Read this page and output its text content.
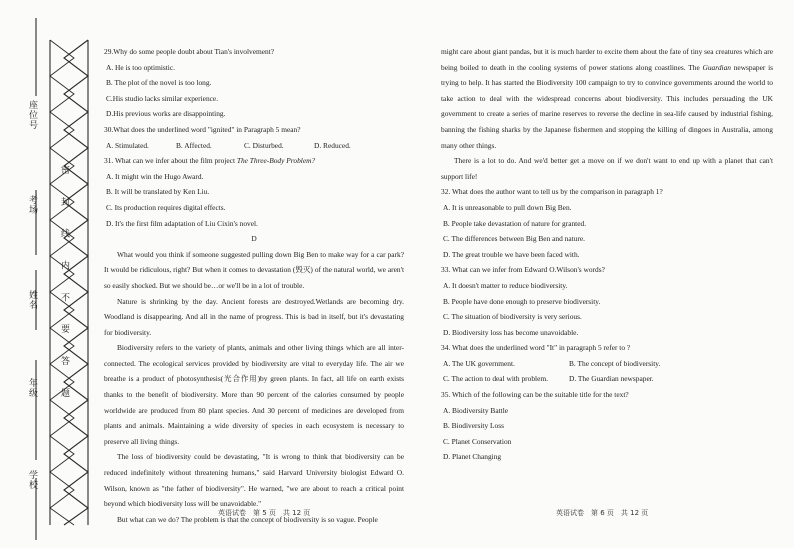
座位号
考场
姓名
年级
学校
密 封 线 内 不 要 答 题

29.Why do some people doubt about Tian's involvement?

A. He is too optimistic.

B. The plot of the novel is too long.

C.His studio lacks similar experience.

D.His previous works are disappointing.

30.What does the underlined word "ignited" in Paragraph 5 mean?

A. Stimulated.	B. Affected.	C. Disturbed.	D. Reduced.

31. What can we infer about the film project The Three-Body Problem?

A. It might win the Hugo Award.

B. It will be translated by Ken Liu.

C. Its production requires digital effects.

D. It's the first film adaptation of Liu Cixin's novel.

D

What would you think if someone suggested pulling down Big Ben to make way for a car park? It would be ridiculous, right? But when it comes to devastation (毁灭) of the natural world, we aren't so easily shocked. But we should be…or we'll be in a lot of trouble.

Nature is shrinking by the day. Ancient forests are destroyed.Wetlands are becoming dry. Woodland is disappearing. And all in the name of progress. This is bad in itself, but it's devastating for biodiversity.

Biodiversity refers to the variety of plants, animals and other living things which are all inter-connected. The ecological services provided by biodiversity are vital to everyday life. The air we breathe is a product of photosynthesis(光合作用)by green plants. In fact, all life on earth exists thanks to the benefit of biodiversity. More than 90 percent of the calories consumed by people worldwide are produced from 80 plant species. And 30 percent of medicines are developed from plants and animals. Maintaining a wide diversity of species in each ecosystem is necessary to preserve all living things.

The loss of biodiversity could be devastating, "It is wrong to think that biodiversity can be reduced indefinitely without threatening humans," said Harvard University biologist Edward O. Wilson, known as "the father of biodiversity". He warned, "we are about to reach a critical point beyond which biodiversity loss will be unavoidable."

But what can we do? The problem is that the concept of biodiversity is so vague. People

英语试卷　第 5 页　共 12 页

might care about giant pandas, but it is much harder to excite them about the fate of tiny sea creatures which are being boiled to death in the cooling systems of power stations along coastlines. The Guardian newspaper is trying to help. It has started the Biodiversity 100 campaign to try to convince governments around the world to take action to deal with the widespread concerns about biodiversity. This includes persuading the UK government to create a series of marine reserves to reverse the decline in sea-life caused by industrial fishing, banning the fishing sharks by the Japanese fishermen and stopping the killing of dingoes in Australia, among many other things.

There is a lot to do. And we'd better get a move on if we don't want to end up with a planet that can't support life!

32. What does the author want to tell us by the comparison in paragraph 1?

A. It is unreasonable to pull down Big Ben.

B. People take devastation of nature for granted.

C. The differences between Big Ben and nature.

D. The great trouble we have been faced with.

33. What can we infer from Edward O.Wilson's words?

A. It doesn't matter to reduce biodiversity.

B. People have done enough to preserve biodiversity.

C. The situation of biodiversity is very serious.

D. Biodiversity loss has become unavoidable.

34. What does the underlined word "It" in paragraph 5 refer to ?

A. The UK government.	B. The concept of biodiversity.

C. The action to deal with problem.	D. The Guardian newspaper.

35. Which of the following can be the suitable title for the text?

A. Biodiversity Battle

B. Biodiversity Loss

C. Planet Conservation

D. Planet Changing

英语试卷　第 6 页　共 12 页
